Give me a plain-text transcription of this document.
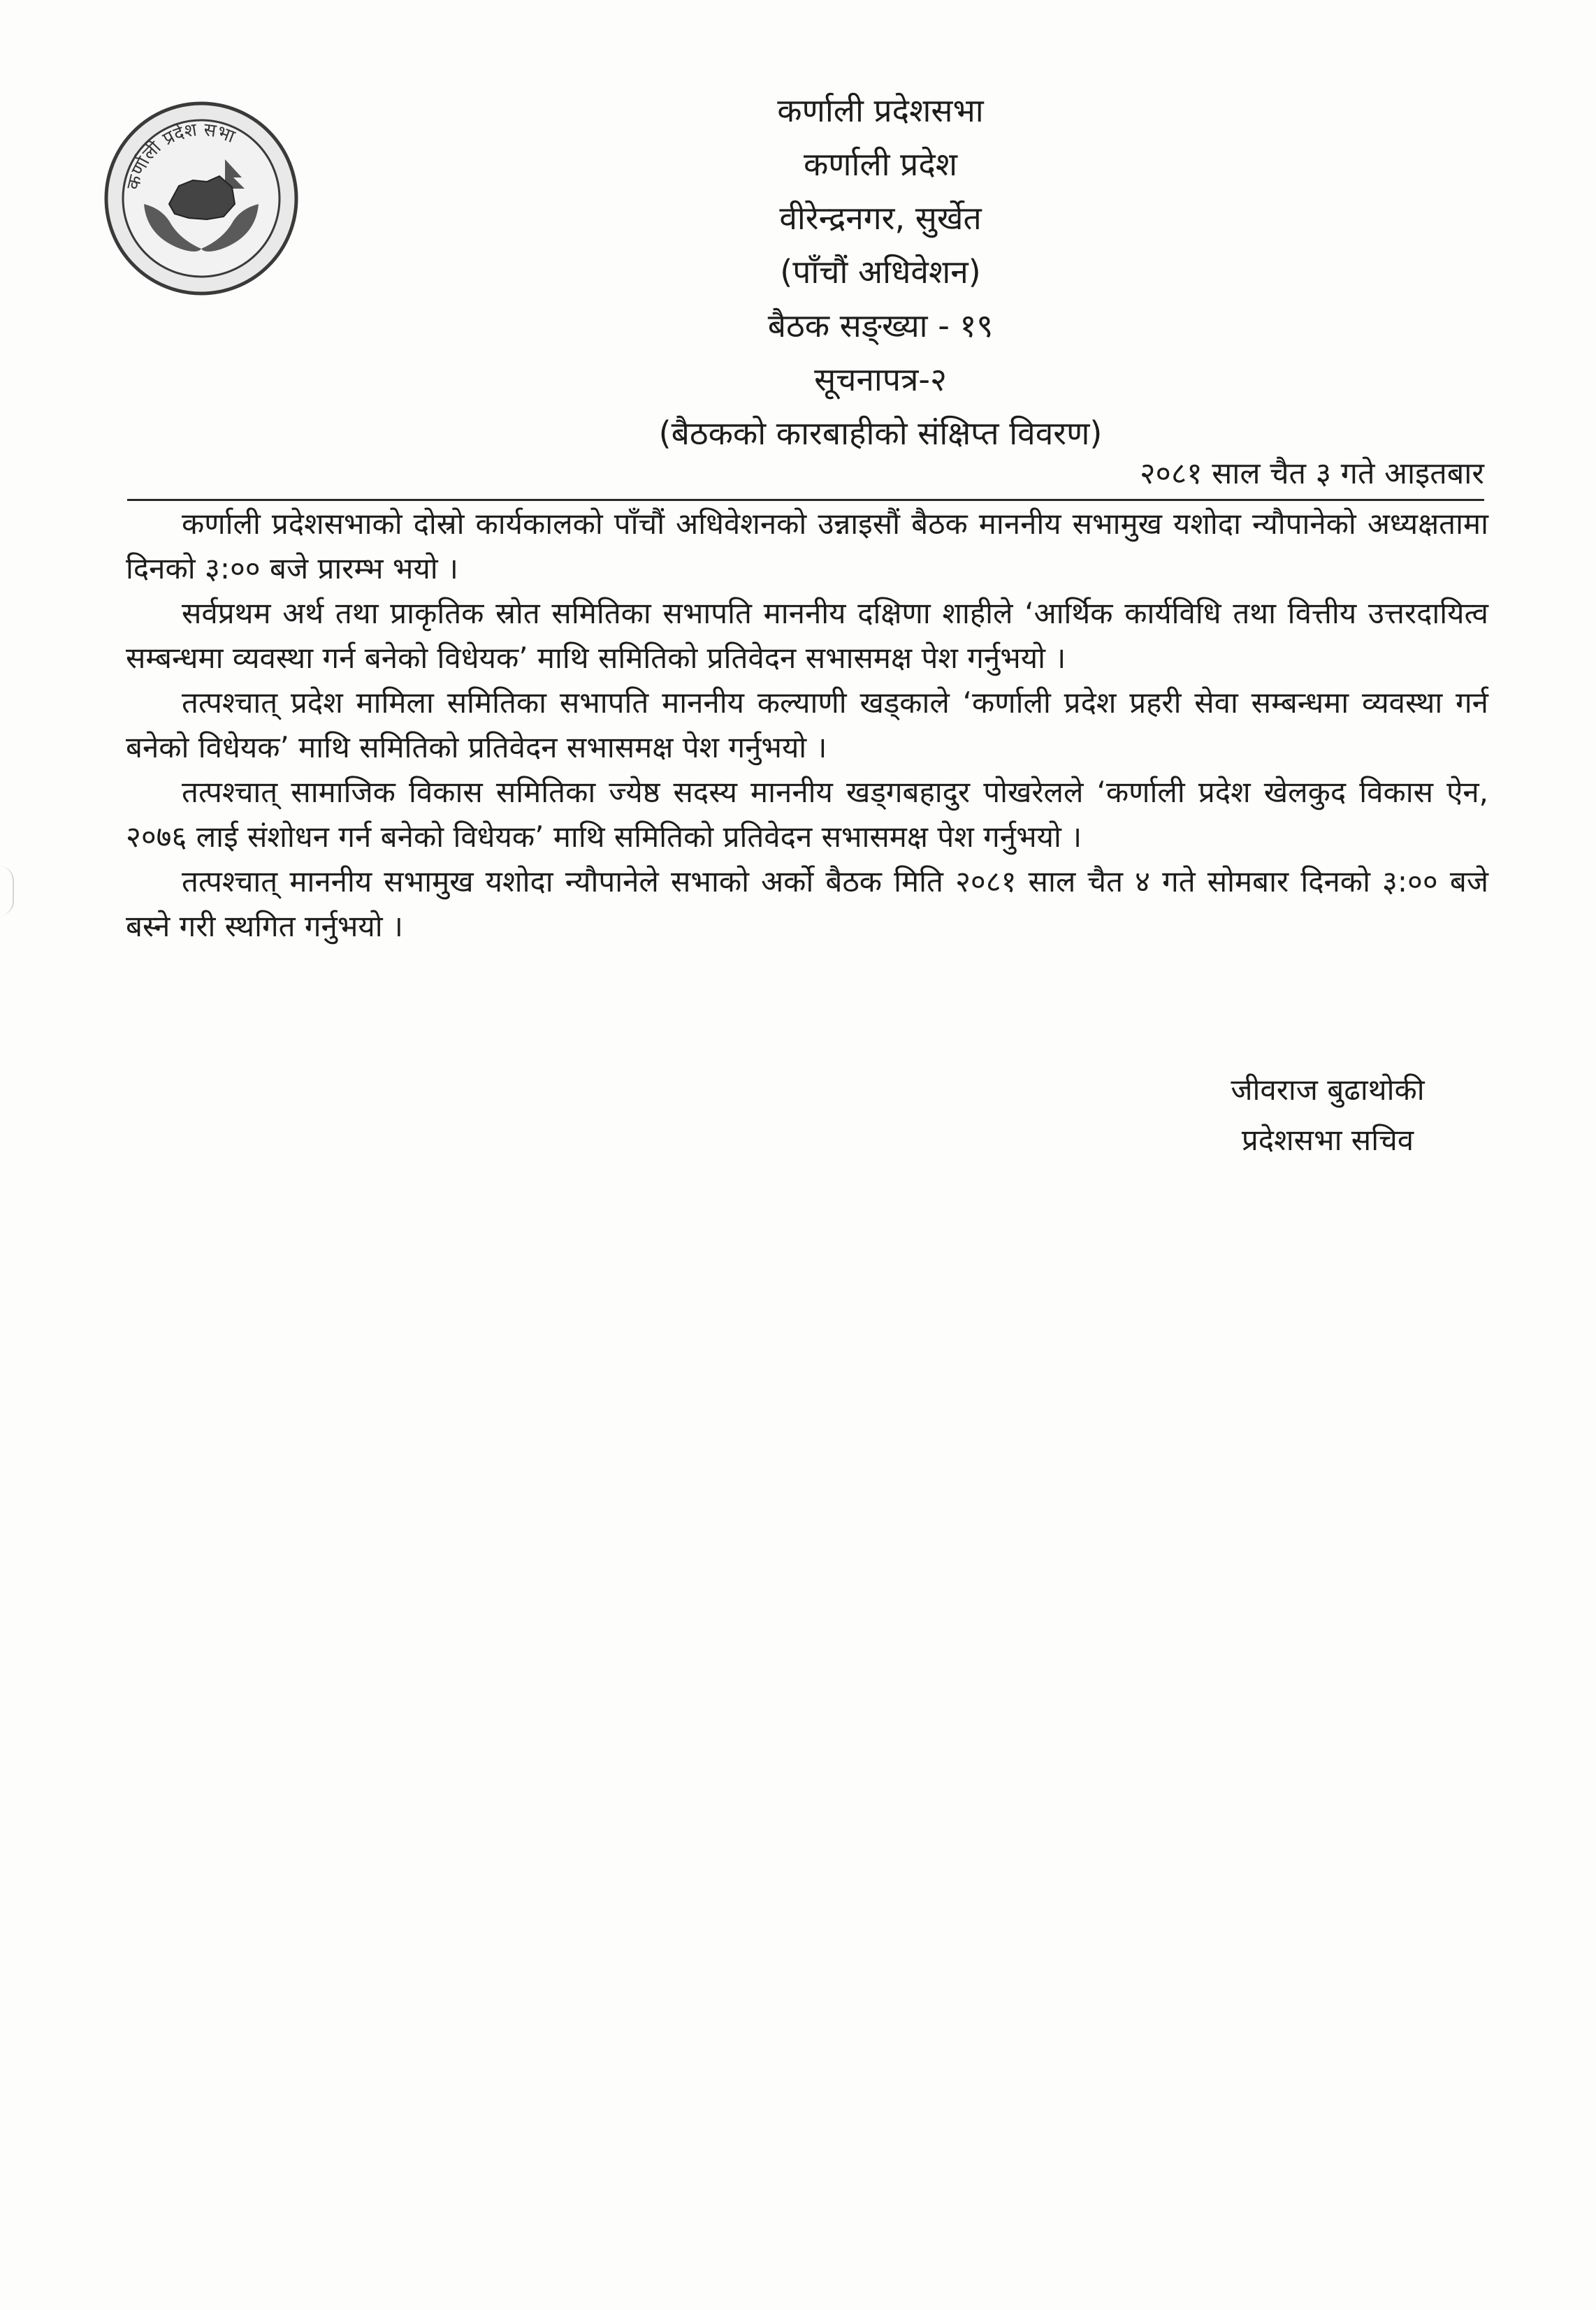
कर्णाली प्रदेश सभा
कर्णाली प्रदेशसभा
कर्णाली प्रदेश
वीरेन्द्रनगर, सुर्खेत
(पाँचौं अधिवेशन)
बैठक सङ्ख्या - १९
सूचनापत्र-२
(बैठकको कारबाहीको संक्षिप्त विवरण)
२०८१ साल चैत ३ गते आइतबार

कर्णाली प्रदेशसभाको दोस्रो कार्यकालको पाँचौं अधिवेशनको उन्नाइसौं बैठक माननीय सभामुख यशोदा न्यौपानेको अध्यक्षतामा दिनको ३:०० बजे प्रारम्भ भयो ।

सर्वप्रथम अर्थ तथा प्राकृतिक स्रोत समितिका सभापति माननीय दक्षिणा शाहीले ‘आर्थिक कार्यविधि तथा वित्तीय उत्तरदायित्व सम्बन्धमा व्यवस्था गर्न बनेको विधेयक’ माथि समितिको प्रतिवेदन सभासमक्ष पेश गर्नुभयो ।

तत्पश्चात् प्रदेश मामिला समितिका सभापति माननीय कल्याणी खड्काले ‘कर्णाली प्रदेश प्रहरी सेवा सम्बन्धमा व्यवस्था गर्न बनेको विधेयक’ माथि समितिको प्रतिवेदन सभासमक्ष पेश गर्नुभयो ।

तत्पश्चात् सामाजिक विकास समितिका ज्येष्ठ सदस्य माननीय खड्गबहादुर पोखरेलले ‘कर्णाली प्रदेश खेलकुद विकास ऐन, २०७६ लाई संशोधन गर्न बनेको विधेयक’ माथि समितिको प्रतिवेदन सभासमक्ष पेश गर्नुभयो ।

तत्पश्चात् माननीय सभामुख यशोदा न्यौपानेले सभाको अर्को बैठक मिति २०८१ साल चैत ४ गते सोमबार दिनको ३:०० बजे बस्ने गरी स्थगित गर्नुभयो ।

जीवराज बुढाथोकी
प्रदेशसभा सचिव
